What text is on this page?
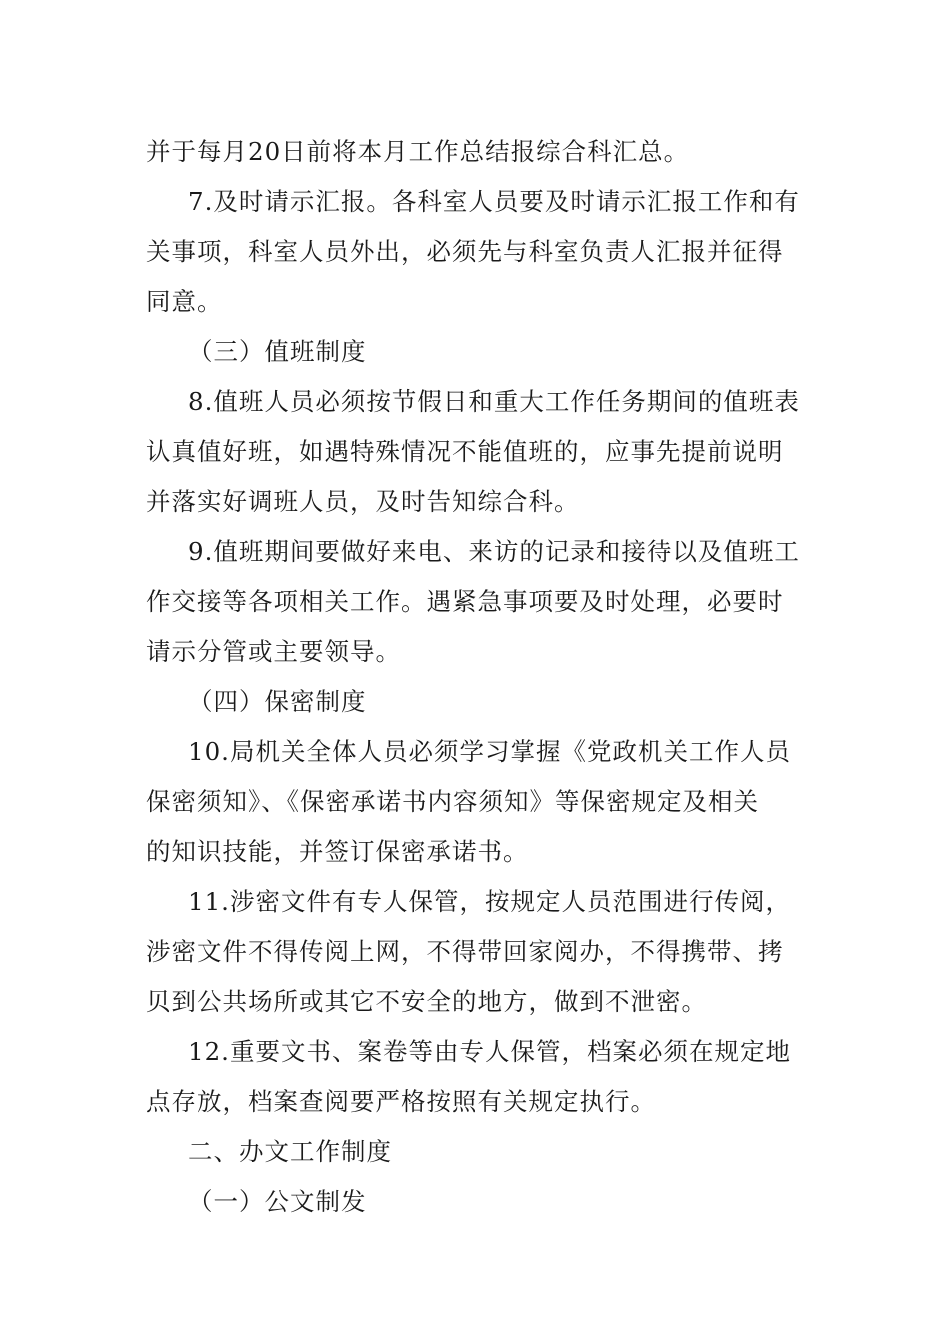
并于每月20日前将本月工作总结报综合科汇总。
7.及时请示汇报。各科室人员要及时请示汇报工作和有
关事项，科室人员外出，必须先与科室负责人汇报并征得
同意。
（三）值班制度
8.值班人员必须按节假日和重大工作任务期间的值班表
认真值好班，如遇特殊情况不能值班的，应事先提前说明
并落实好调班人员，及时告知综合科。
9.值班期间要做好来电、来访的记录和接待以及值班工
作交接等各项相关工作。遇紧急事项要及时处理，必要时
请示分管或主要领导。
（四）保密制度
10.局机关全体人员必须学习掌握《党政机关工作人员
保密须知》、《保密承诺书内容须知》等保密规定及相关
的知识技能，并签订保密承诺书。
11.涉密文件有专人保管，按规定人员范围进行传阅，
涉密文件不得传阅上网，不得带回家阅办，不得携带、拷
贝到公共场所或其它不安全的地方，做到不泄密。
12.重要文书、案卷等由专人保管，档案必须在规定地
点存放，档案查阅要严格按照有关规定执行。
二、办文工作制度
（一）公文制发
